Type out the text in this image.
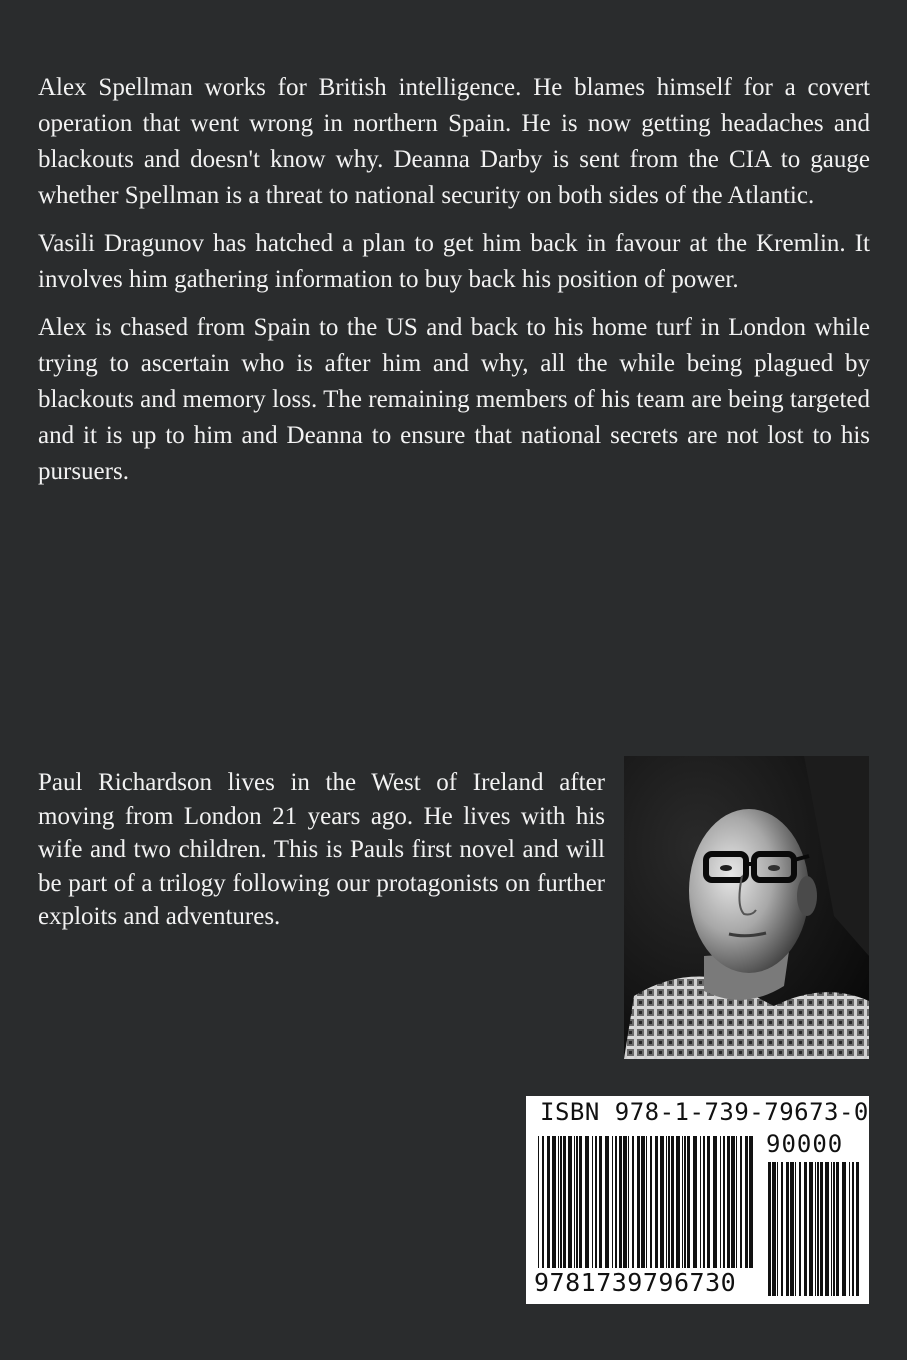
Alex Spellman works for British intelligence. He blames himself for a covert operation that went wrong in northern Spain. He is now getting headaches and blackouts and doesn't know why. Deanna Darby is sent from the CIA to gauge whether Spellman is a threat to national security on both sides of the Atlantic.

Vasili Dragunov has hatched a plan to get him back in favour at the Kremlin. It involves him gathering information to buy back his position of power.

Alex is chased from Spain to the US and back to his home turf in London while trying to ascertain who is after him and why, all the while being plagued by blackouts and memory loss. The remaining members of his team are being targeted and it is up to him and Deanna to ensure that national secrets are not lost to his pursuers.

Paul Richardson lives in the West of Ireland after moving from London 21 years ago. He lives with his wife and two children. This is Pauls first novel and will be part of a trilogy following our protagonists on further exploits and adventures.

ISBN 978-1-739-79673-0
90000
9781739796730
